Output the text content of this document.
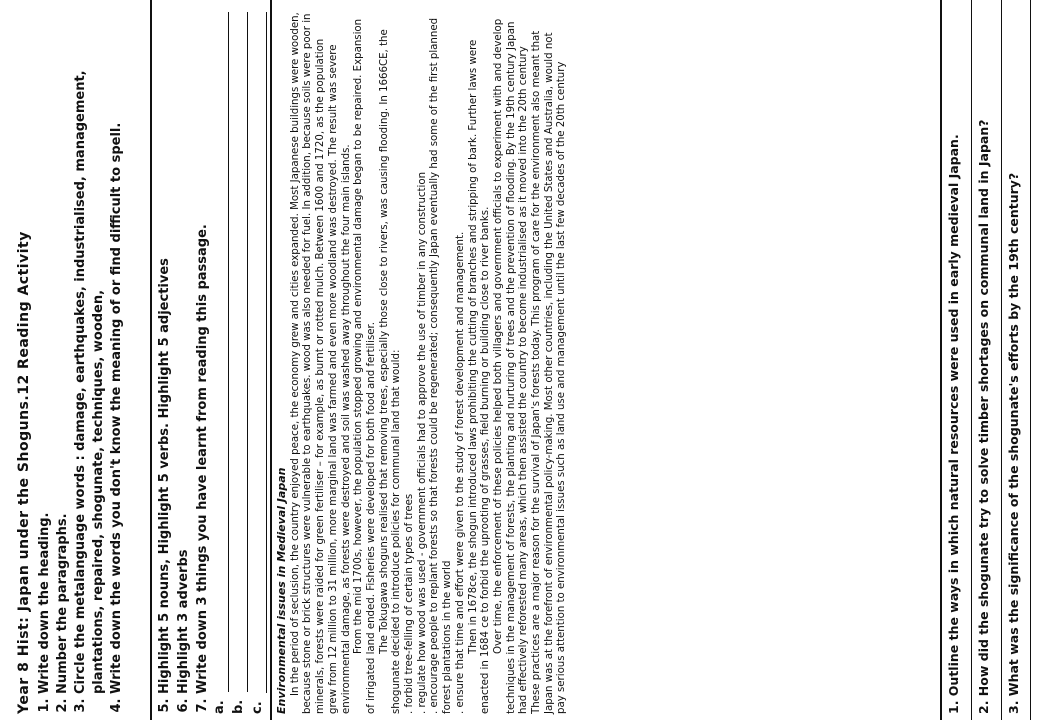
Year 8 Hist: Japan under the Shoguns.12 Reading Activity 1. Write down the heading. 2. Number the paragraphs. 3. Circle the metalanguage words : damage, earthquakes, industrialised, management, plantations, repaired, shogunate, techniques, wooden, 4. Write down the words you don't know the meaning of or find difficult to spell.	5. Highlight 5 nouns, Highlight 5 verbs. Highlight 5 adjectives 6. Highlight 3 adverbs 7. Write down 3 things you have learnt from reading this passage.
a. b. c. Environmental issues in Medieval Japan In the period of seclusion, the country enjoyed peace, the economy grew and cities expanded. Most Japanese buildings were wooden, because stone or brick structures were vulnerable to earthquakes. wood was also needed for fuel. In addition, because soils were poor in minerals, forests were raided for green fertiliser – for example, as burnt or rotted mulch. Between 1600 and 1720, as the population grew from 12 million to 31 million, more marginal land was farmed and even more woodland was destroyed. The result was severe environmental damage, as forests were destroyed and soil was washed away throughout the four main islands. From the mid 1700s, however, the population stopped growing and environmental damage began to be repaired. Expansion of irrigated land ended. Fisheries were developed for both food and fertiliser. The Tokugawa shoguns realised that removing trees, especially those close to rivers, was causing flooding. In 1666CE, the shogunate decided to introduce policies for communal land that would: . forbid tree-felling of certain types of trees . regulate how wood was used - government officials had to approve the use of timber in any construction . encourage people to replant forests so that forests could be regenerated; consequently Japan eventually had some of the first planned forest plantations in the world . ensure that time and effort were given to the study of forest development and management. Then in 1678ce, the shogun introduced laws prohibiting the cutting of branches and stripping of bark. Further laws were enacted in 1684 ce to forbid the uprooting of grasses, field burning or building close to river banks. Over time, the enforcement of these policies helped both villagers and government officials to experiment with and develop techniques in the management of forests, the planting and nurturing of trees and the prevention of flooding. By the 19th century Japan had effectively reforested many areas, which then assisted the country to become industrialised as it moved into the 20th century These practices are a major reason for the survival of Japan's forests today. This program of care for the environment also meant that Japan was at the forefront of environmental policy-making. Most other countries, including the United States and Australia, would not pay serious attention to environmental issues such as land use and management until the last few decades of the 20th century	1. Outline the ways in which natural resources were used in early medieval Japan. 2. How did the shogunate try to solve timber shortages on communal land in Japan? 3. What was the significance of the shogunate's efforts by the 19th century?
